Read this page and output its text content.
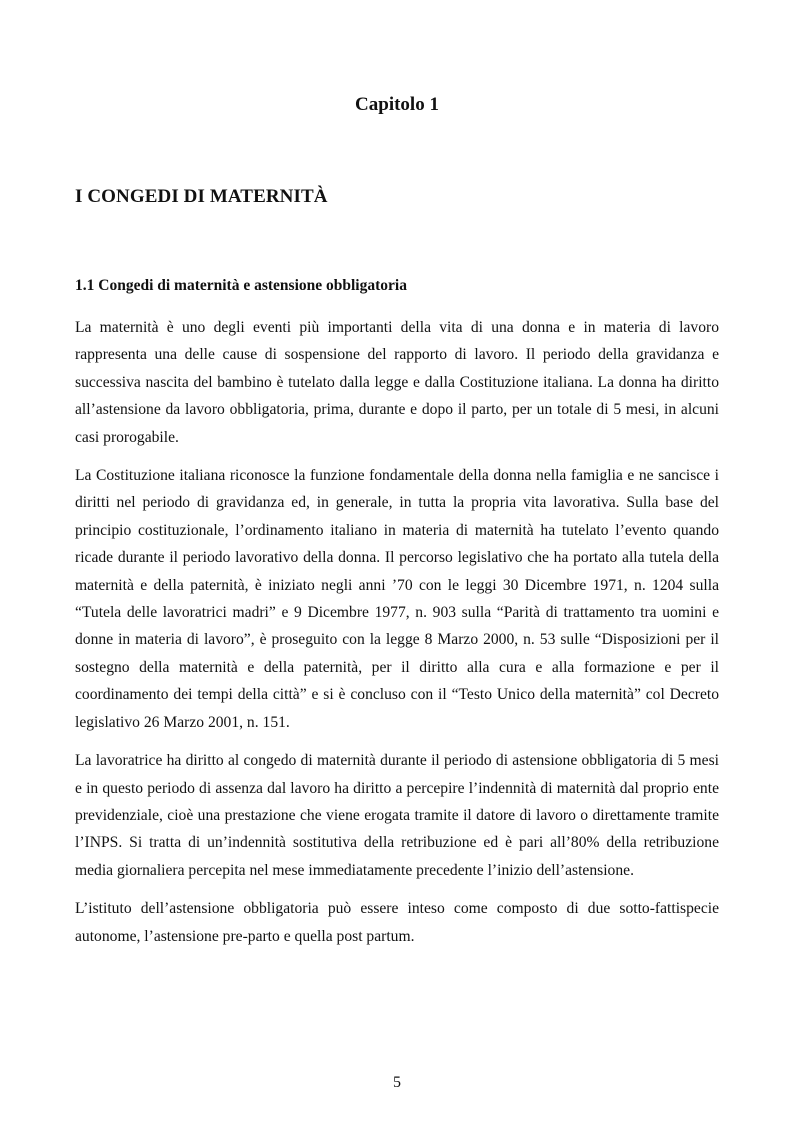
Capitolo 1
I CONGEDI DI MATERNITÀ
1.1 Congedi di maternità e astensione obbligatoria

La maternità è uno degli eventi più importanti della vita di una donna e in materia di lavoro rappresenta una delle cause di sospensione del rapporto di lavoro. Il periodo della gravidanza e successiva nascita del bambino è tutelato dalla legge e dalla Costituzione italiana. La donna ha diritto all’astensione da lavoro obbligatoria, prima, durante e dopo il parto, per un totale di 5 mesi, in alcuni casi prorogabile.

La Costituzione italiana riconosce la funzione fondamentale della donna nella famiglia e ne sancisce i diritti nel periodo di gravidanza ed, in generale, in tutta la propria vita lavorativa. Sulla base del principio costituzionale, l’ordinamento italiano in materia di maternità ha tutelato l’evento quando ricade durante il periodo lavorativo della donna. Il percorso legislativo che ha portato alla tutela della maternità e della paternità, è iniziato negli anni ’70 con le leggi 30 Dicembre 1971, n. 1204 sulla “Tutela delle lavoratrici madri” e 9 Dicembre 1977, n. 903 sulla “Parità di trattamento tra uomini e donne in materia di lavoro”, è proseguito con la legge 8 Marzo 2000, n. 53 sulle “Disposizioni per il sostegno della maternità e della paternità, per il diritto alla cura e alla formazione e per il coordinamento dei tempi della città” e si è concluso con il “Testo Unico della maternità” col Decreto legislativo 26 Marzo 2001, n. 151.

La lavoratrice ha diritto al congedo di maternità durante il periodo di astensione obbligatoria di 5 mesi e in questo periodo di assenza dal lavoro ha diritto a percepire l’indennità di maternità dal proprio ente previdenziale, cioè una prestazione che viene erogata tramite il datore di lavoro o direttamente tramite l’INPS. Si tratta di un’indennità sostitutiva della retribuzione ed è pari all’80% della retribuzione media giornaliera percepita nel mese immediatamente precedente l’inizio dell’astensione.

L’istituto dell’astensione obbligatoria può essere inteso come composto di due sotto-fattispecie autonome, l’astensione pre-parto e quella post partum.

5
